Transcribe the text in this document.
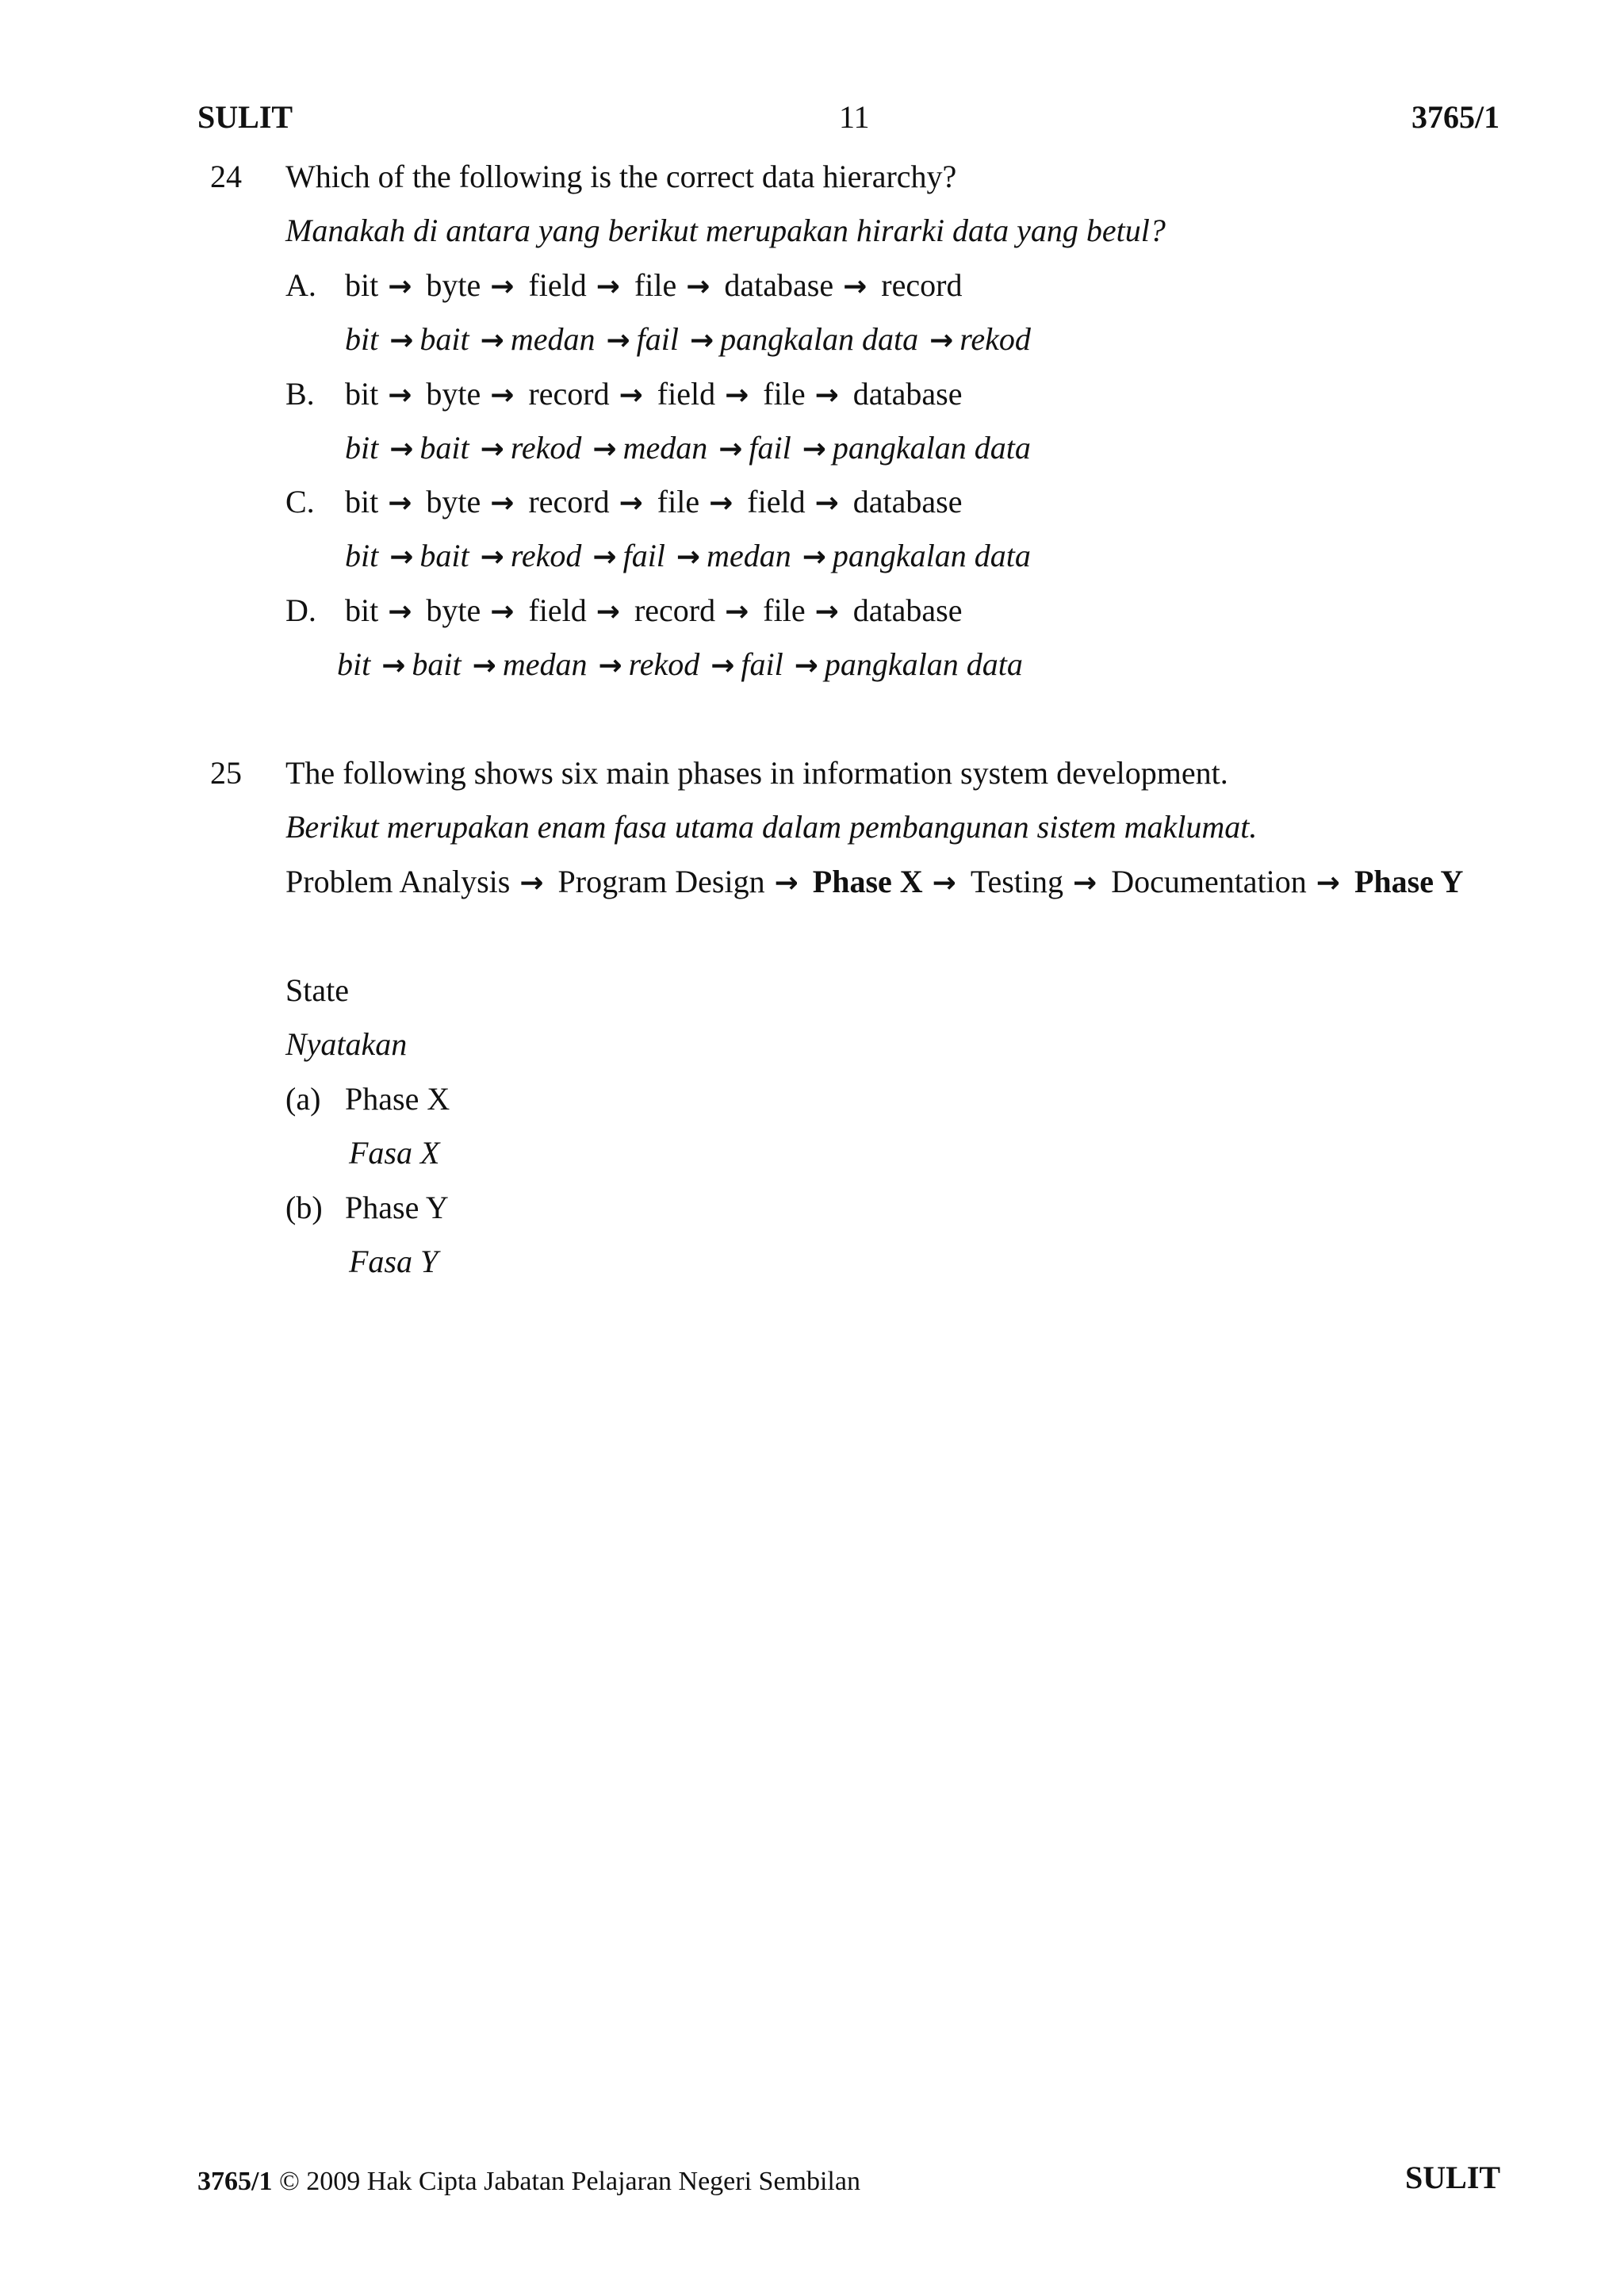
SULIT	11	3765/1
24 Which of the following is the correct data hierarchy?
Manakah di antara yang berikut merupakan hirarki data yang betul?
A. bit → byte → field → file → database → record
bit → bait → medan → fail → pangkalan data → rekod
B. bit → byte → record → field → file → database
bit → bait → rekod → medan → fail → pangkalan data
C. bit → byte → record → file → field → database
bit → bait → rekod → fail → medan → pangkalan data
D. bit → byte → field → record → file → database
bit → bait → medan → rekod → fail → pangkalan data
25 The following shows six main phases in information system development.
Berikut merupakan enam fasa utama dalam pembangunan sistem maklumat.
Problem Analysis → Program Design → Phase X → Testing → Documentation → Phase Y
State
Nyatakan
(a) Phase X
Fasa X
(b) Phase Y
Fasa Y
3765/1 © 2009 Hak Cipta Jabatan Pelajaran Negeri Sembilan	SULIT
